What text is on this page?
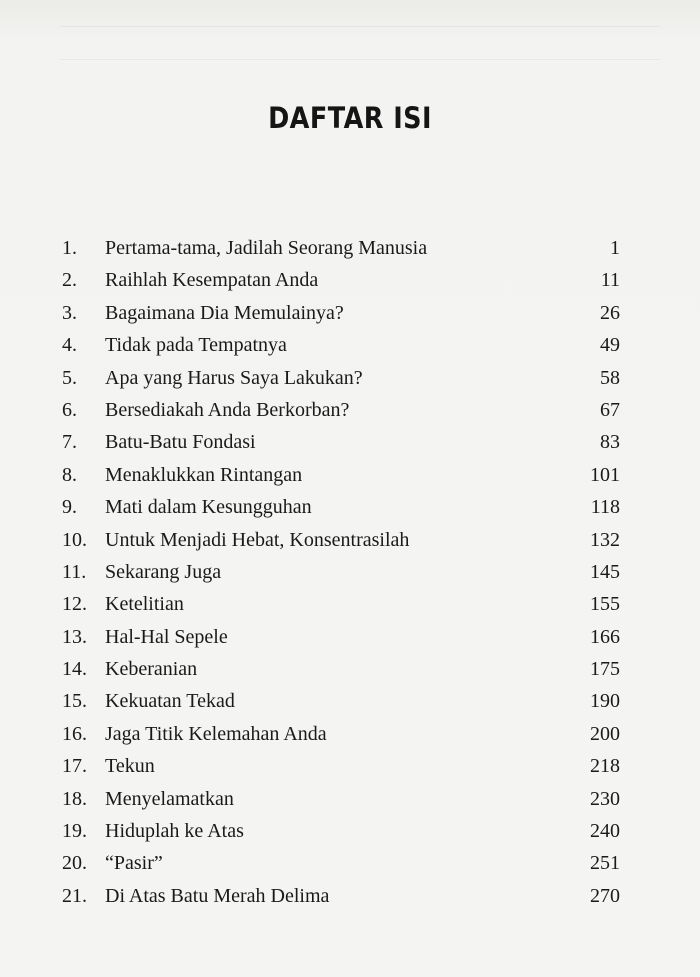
DAFTAR ISI
1. Pertama-tama, Jadilah Seorang Manusia	1
2. Raihlah Kesempatan Anda	11
3. Bagaimana Dia Memulainya?	26
4. Tidak pada Tempatnya	49
5. Apa yang Harus Saya Lakukan?	58
6. Bersediakah Anda Berkorban?	67
7. Batu-Batu Fondasi	83
8. Menaklukkan Rintangan	101
9. Mati dalam Kesungguhan	118
10. Untuk Menjadi Hebat, Konsentrasilah	132
11. Sekarang Juga	145
12. Ketelitian	155
13. Hal-Hal Sepele	166
14. Keberanian	175
15. Kekuatan Tekad	190
16. Jaga Titik Kelemahan Anda	200
17. Tekun	218
18. Menyelamatkan	230
19. Hiduplah ke Atas	240
20. “Pasir”	251
21. Di Atas Batu Merah Delima	270
